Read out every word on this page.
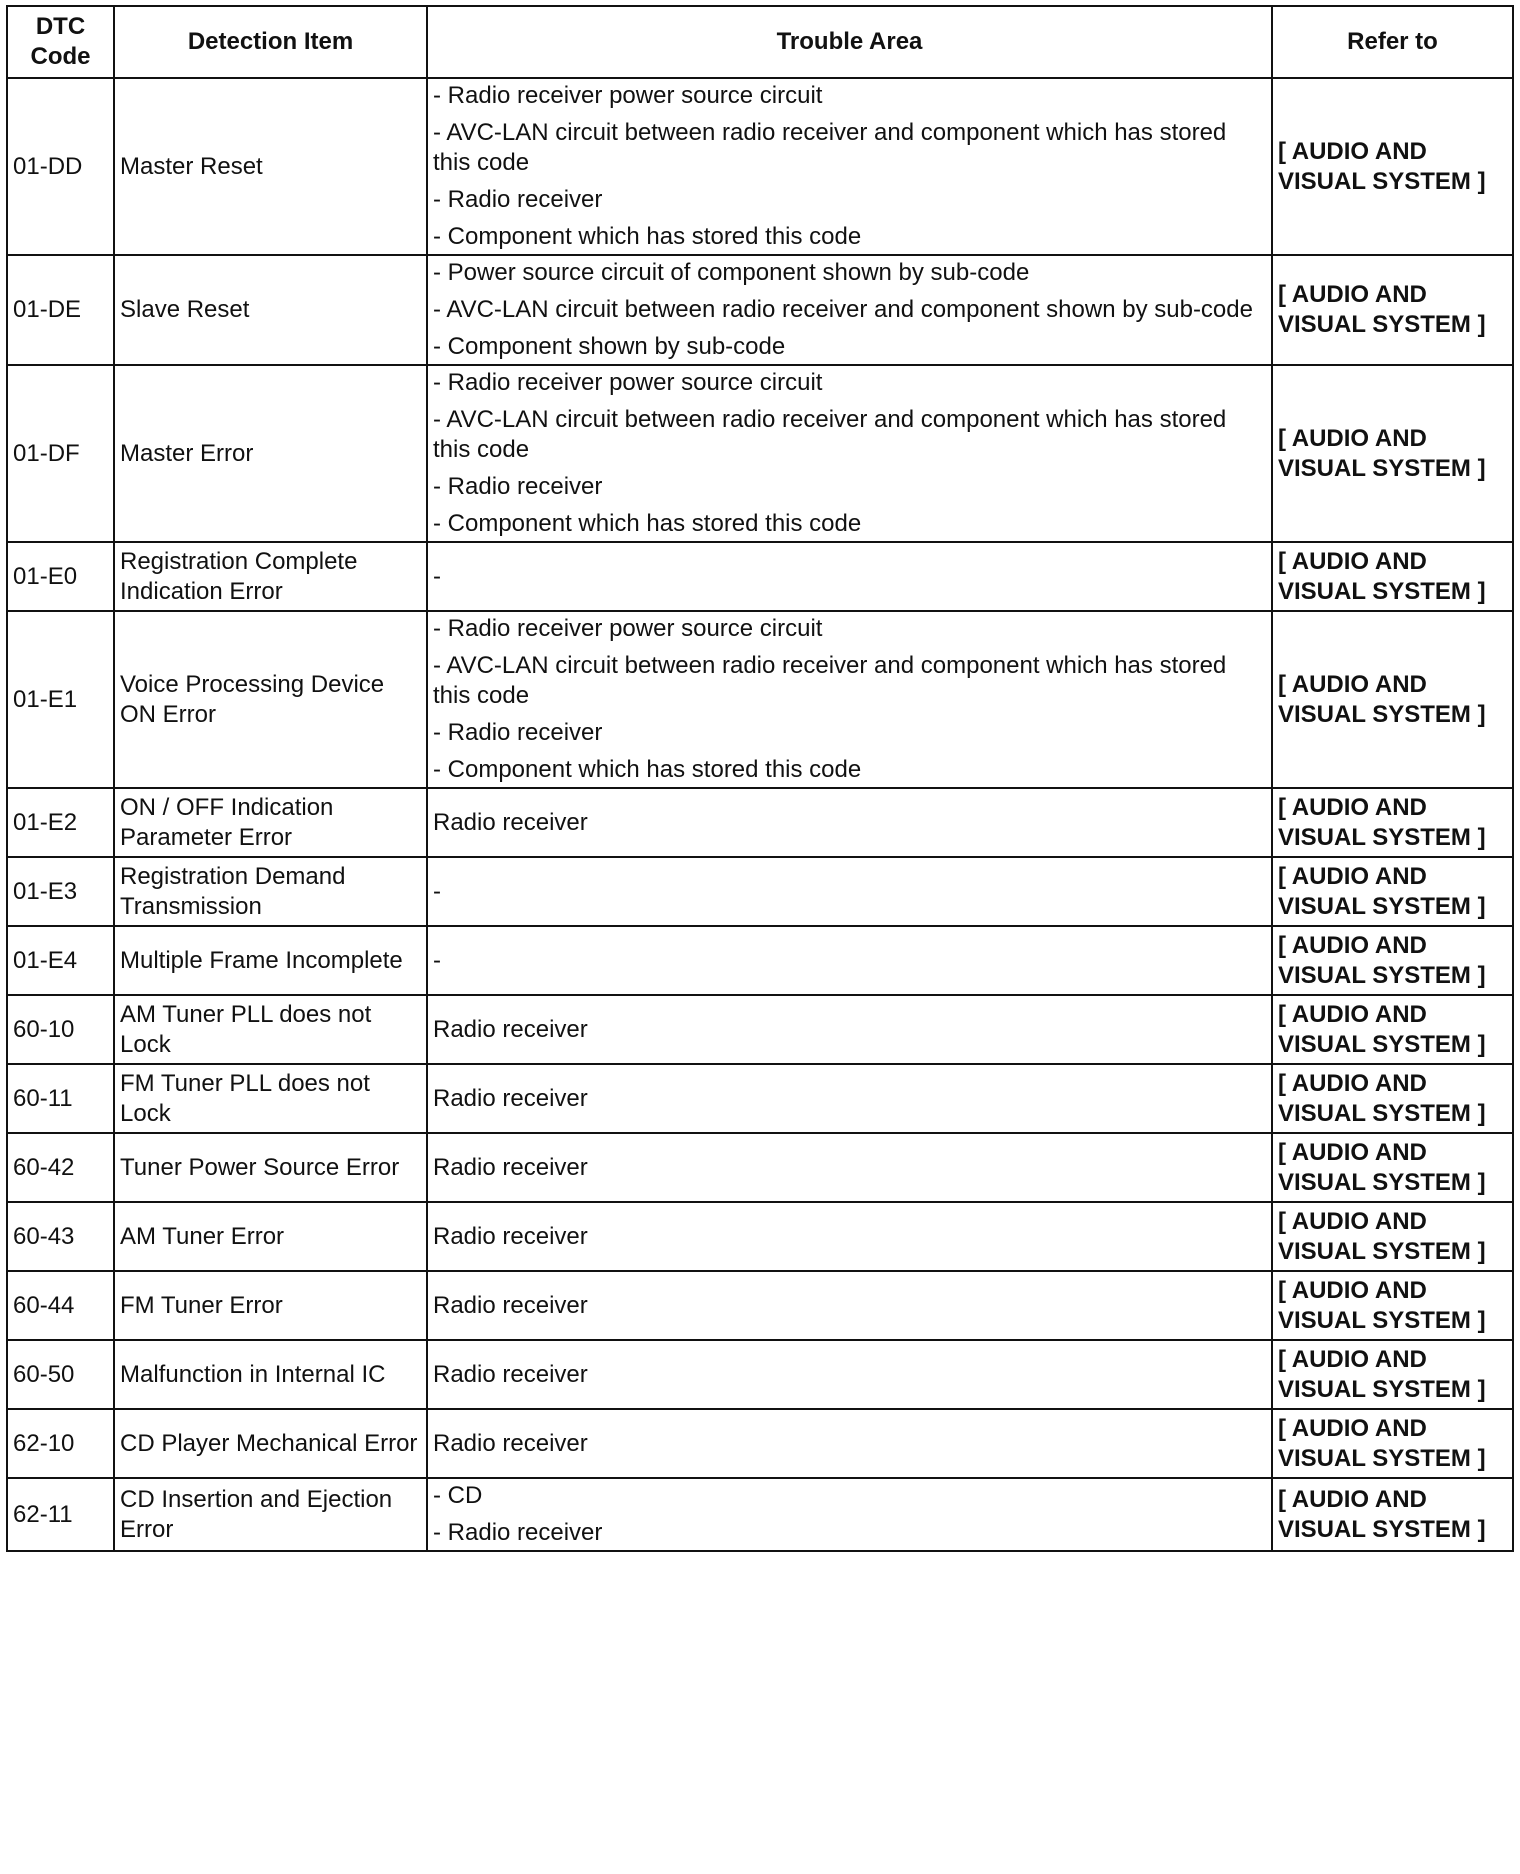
DTC
Code	Detection Item	Trouble Area	Refer to
01-DD	Master Reset	- Radio receiver power source circuit
- AVC-LAN circuit between radio receiver and component which has stored this code
- Radio receiver
- Component which has stored this code	[ AUDIO AND VISUAL SYSTEM ]
01-DE	Slave Reset	- Power source circuit of component shown by sub-code
- AVC-LAN circuit between radio receiver and component shown by sub-code
- Component shown by sub-code	[ AUDIO AND VISUAL SYSTEM ]
01-DF	Master Error	- Radio receiver power source circuit
- AVC-LAN circuit between radio receiver and component which has stored this code
- Radio receiver
- Component which has stored this code	[ AUDIO AND VISUAL SYSTEM ]
01-E0	Registration Complete Indication Error	-	[ AUDIO AND VISUAL SYSTEM ]
01-E1	Voice Processing Device ON Error	- Radio receiver power source circuit
- AVC-LAN circuit between radio receiver and component which has stored this code
- Radio receiver
- Component which has stored this code	[ AUDIO AND VISUAL SYSTEM ]
01-E2	ON / OFF Indication Parameter Error	Radio receiver	[ AUDIO AND VISUAL SYSTEM ]
01-E3	Registration Demand Transmission	-	[ AUDIO AND VISUAL SYSTEM ]
01-E4	Multiple Frame Incomplete	-	[ AUDIO AND VISUAL SYSTEM ]
60-10	AM Tuner PLL does not Lock	Radio receiver	[ AUDIO AND VISUAL SYSTEM ]
60-11	FM Tuner PLL does not Lock	Radio receiver	[ AUDIO AND VISUAL SYSTEM ]
60-42	Tuner Power Source Error	Radio receiver	[ AUDIO AND VISUAL SYSTEM ]
60-43	AM Tuner Error	Radio receiver	[ AUDIO AND VISUAL SYSTEM ]
60-44	FM Tuner Error	Radio receiver	[ AUDIO AND VISUAL SYSTEM ]
60-50	Malfunction in Internal IC	Radio receiver	[ AUDIO AND VISUAL SYSTEM ]
62-10	CD Player Mechanical Error	Radio receiver	[ AUDIO AND VISUAL SYSTEM ]
62-11	CD Insertion and Ejection Error	- CD
- Radio receiver	[ AUDIO AND VISUAL SYSTEM ]
